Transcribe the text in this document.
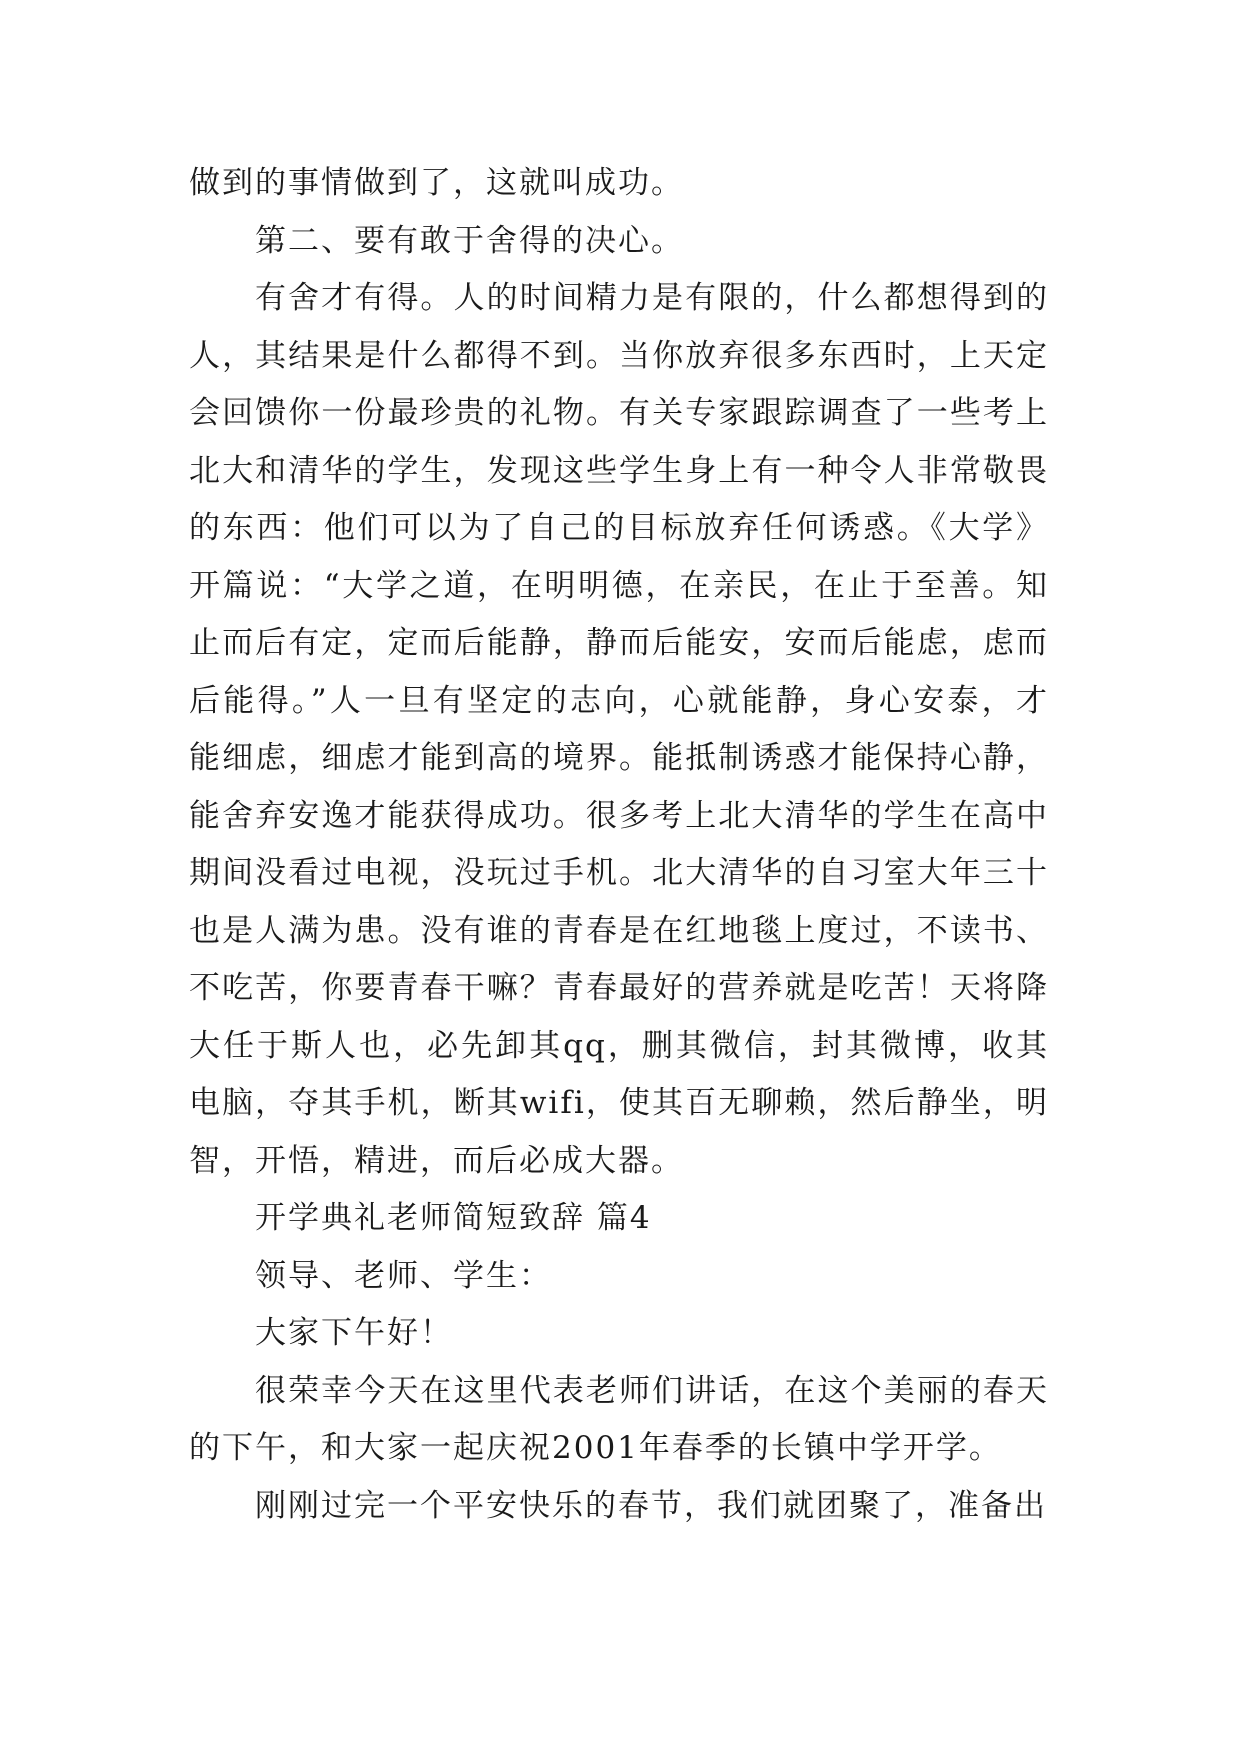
做到的事情做到了，这就叫成功。

第二、要有敢于舍得的决心。

有舍才有得。人的时间精力是有限的，什么都想得到的人，其结果是什么都得不到。当你放弃很多东西时，上天定会回馈你一份最珍贵的礼物。有关专家跟踪调查了一些考上北大和清华的学生，发现这些学生身上有一种令人非常敬畏的东西：他们可以为了自己的目标放弃任何诱惑。《大学》开篇说：“大学之道，在明明德，在亲民，在止于至善。知止而后有定，定而后能静，静而后能安，安而后能虑，虑而后能得。”人一旦有坚定的志向，心就能静，身心安泰，才能细虑，细虑才能到高的境界。能抵制诱惑才能保持心静，能舍弃安逸才能获得成功。很多考上北大清华的学生在高中期间没看过电视，没玩过手机。北大清华的自习室大年三十也是人满为患。没有谁的青春是在红地毯上度过，不读书、不吃苦，你要青春干嘛？青春最好的营养就是吃苦！天将降大任于斯人也，必先卸其qq，删其微信，封其微博，收其电脑，夺其手机，断其wifi，使其百无聊赖，然后静坐，明智，开悟，精进，而后必成大器。

开学典礼老师简短致辞 篇4

领导、老师、学生：

大家下午好！

很荣幸今天在这里代表老师们讲话，在这个美丽的春天的下午，和大家一起庆祝2001年春季的长镇中学开学。

刚刚过完一个平安快乐的春节，我们就团聚了，准备出
